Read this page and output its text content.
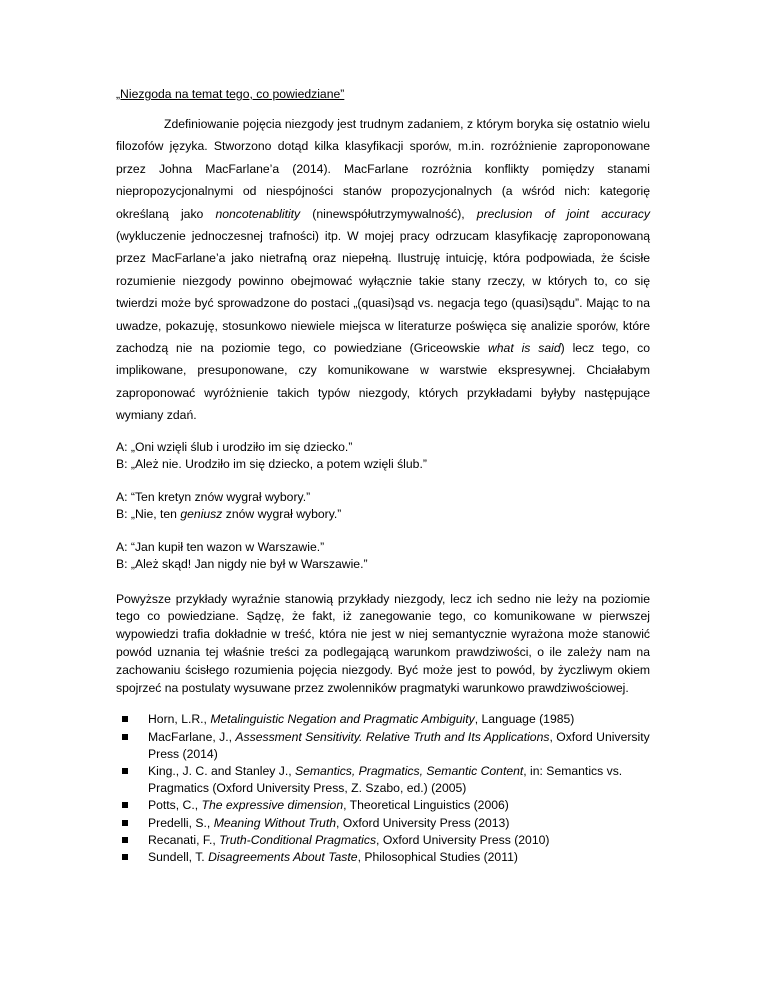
„Niezgoda na temat tego, co powiedziane”

Zdefiniowanie pojęcia niezgody jest trudnym zadaniem, z którym boryka się ostatnio wielu filozofów języka. Stworzono dotąd kilka klasyfikacji sporów, m.in. rozróżnienie zaproponowane przez Johna MacFarlane’a (2014). MacFarlane rozróżnia konflikty pomiędzy stanami niepropozycjonalnymi od niespójności stanów propozycjonalnych (a wśród nich: kategorię określaną jako noncotenablitity (ninewspółutrzymywalność), preclusion of joint accuracy (wykluczenie jednoczesnej trafności) itp. W mojej pracy odrzucam klasyfikację zaproponowaną przez MacFarlane’a jako nietrafną oraz niepełną. Ilustruję intuicję, która podpowiada, że ścisłe rozumienie niezgody powinno obejmować wyłącznie takie stany rzeczy, w których to, co się twierdzi może być sprowadzone do postaci „(quasi)sąd vs. negacja tego (quasi)sądu”. Mając to na uwadze, pokazuję, stosunkowo niewiele miejsca w literaturze poświęca się analizie sporów, które zachodzą nie na poziomie tego, co powiedziane (Griceowskie what is said) lecz tego, co implikowane, presuponowane, czy komunikowane w warstwie ekspresywnej. Chciałabym zaproponować wyróżnienie takich typów niezgody, których przykładami byłyby następujące wymiany zdań.

A: „Oni wzięli ślub i urodziło im się dziecko.”
B: „Ależ nie. Urodziło im się dziecko, a potem wzięli ślub.”
A: “Ten kretyn znów wygrał wybory.”
B: „Nie, ten geniusz znów wygrał wybory.”
A: “Jan kupił ten wazon w Warszawie.”
B: „Ależ skąd! Jan nigdy nie był w Warszawie.”

Powyższe przykłady wyraźnie stanowią przykłady niezgody, lecz ich sedno nie leży na poziomie tego co powiedziane. Sądzę, że fakt, iż zanegowanie tego, co komunikowane w pierwszej wypowiedzi trafia dokładnie w treść, która nie jest w niej semantycznie wyrażona może stanowić powód uznania tej właśnie treści za podlegającą warunkom prawdziwości, o ile zależy nam na zachowaniu ścisłego rozumienia pojęcia niezgody. Być może jest to powód, by życzliwym okiem spojrzeć na postulaty wysuwane przez zwolenników pragmatyki warunkowo prawdziwościowej.

Horn, L.R., Metalinguistic Negation and Pragmatic Ambiguity, Language (1985)
MacFarlane, J., Assessment Sensitivity. Relative Truth and Its Applications, Oxford University Press (2014)
King., J. C. and Stanley J., Semantics, Pragmatics, Semantic Content, in: Semantics vs. Pragmatics (Oxford University Press, Z. Szabo, ed.) (2005)
Potts, C., The expressive dimension, Theoretical Linguistics (2006)
Predelli, S., Meaning Without Truth, Oxford University Press (2013)
Recanati, F., Truth-Conditional Pragmatics, Oxford University Press (2010)
Sundell, T. Disagreements About Taste, Philosophical Studies (2011)
